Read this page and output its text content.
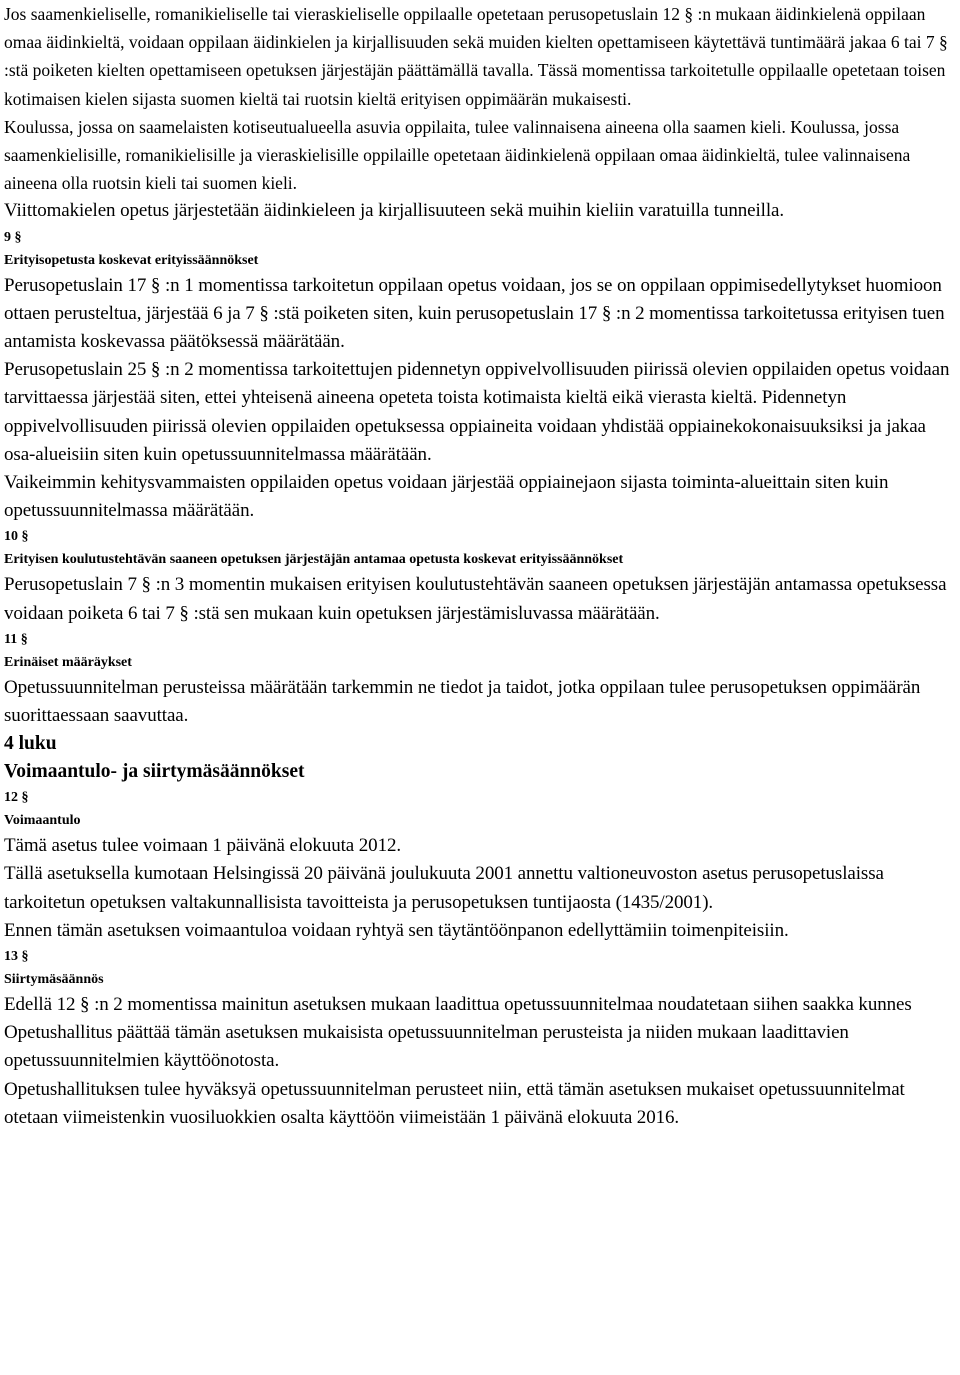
Jos saamenkieliselle, romanikieliselle tai vieraskieliselle oppilaalle opetetaan perusopetuslain 12 § :n mukaan äidinkielenä oppilaan omaa äidinkieltä, voidaan oppilaan äidinkielen ja kirjallisuuden sekä muiden kielten opettamiseen käytettävä tuntimäärä jakaa 6 tai 7 § :stä poiketen kielten opettamiseen opetuksen järjestäjän päättämällä tavalla. Tässä momentissa tarkoitetulle oppilaalle opetetaan toisen kotimaisen kielen sijasta suomen kieltä tai ruotsin kieltä erityisen oppimäärän mukaisesti.

Koulussa, jossa on saamelaisten kotiseutualueella asuvia oppilaita, tulee valinnaisena aineena olla saamen kieli. Koulussa, jossa saamenkielisille, romanikielisille ja vieraskielisille oppilaille opetetaan äidinkielenä oppilaan omaa äidinkieltä, tulee valinnaisena aineena olla ruotsin kieli tai suomen kieli.

Viittomakielen opetus järjestetään äidinkieleen ja kirjallisuuteen sekä muihin kieliin varatuilla tunneilla.

9 §

Erityisopetusta koskevat erityissäännökset

Perusopetuslain 17 § :n 1 momentissa tarkoitetun oppilaan opetus voidaan, jos se on oppilaan oppimisedellytykset huomioon ottaen perusteltua, järjestää 6 ja 7 § :stä poiketen siten, kuin perusopetuslain 17 § :n 2 momentissa tarkoitetussa erityisen tuen antamista koskevassa päätöksessä määrätään.

Perusopetuslain 25 § :n 2 momentissa tarkoitettujen pidennetyn oppivelvollisuuden piirissä olevien oppilaiden opetus voidaan tarvittaessa järjestää siten, ettei yhteisenä aineena opeteta toista kotimaista kieltä eikä vierasta kieltä. Pidennetyn oppivelvollisuuden piirissä olevien oppilaiden opetuksessa oppiaineita voidaan yhdistää oppiainekokonaisuuksiksi ja jakaa osa-alueisiin siten kuin opetussuunnitelmassa määrätään.

Vaikeimmin kehitysvammaisten oppilaiden opetus voidaan järjestää oppiainejaon sijasta toiminta-alueittain siten kuin opetussuunnitelmassa määrätään.

10 §

Erityisen koulutustehtävän saaneen opetuksen järjestäjän antamaa opetusta koskevat erityissäännökset

Perusopetuslain 7 § :n 3 momentin mukaisen erityisen koulutustehtävän saaneen opetuksen järjestäjän antamassa opetuksessa voidaan poiketa 6 tai 7 § :stä sen mukaan kuin opetuksen järjestämisluvassa määrätään.

11 §

Erinäiset määräykset

Opetussuunnitelman perusteissa määrätään tarkemmin ne tiedot ja taidot, jotka oppilaan tulee perusopetuksen oppimäärän suorittaessaan saavuttaa.

4 luku

Voimaantulo- ja siirtymäsäännökset

12 §

Voimaantulo

Tämä asetus tulee voimaan 1 päivänä elokuuta 2012.

Tällä asetuksella kumotaan Helsingissä 20 päivänä joulukuuta 2001 annettu valtioneuvoston asetus perusopetuslaissa tarkoitetun opetuksen valtakunnallisista tavoitteista ja perusopetuksen tuntijaosta (1435/2001).

Ennen tämän asetuksen voimaantuloa voidaan ryhtyä sen täytäntöönpanon edellyttämiin toimenpiteisiin.

13 §

Siirtymäsäännös

Edellä 12 § :n 2 momentissa mainitun asetuksen mukaan laadittua opetussuunnitelmaa noudatetaan siihen saakka kunnes Opetushallitus päättää tämän asetuksen mukaisista opetussuunnitelman perusteista ja niiden mukaan laadittavien opetussuunnitelmien käyttöönotosta.

Opetushallituksen tulee hyväksyä opetussuunnitelman perusteet niin, että tämän asetuksen mukaiset opetussuunnitelmat otetaan viimeistenkin vuosiluokkien osalta käyttöön viimeistään 1 päivänä elokuuta 2016.
